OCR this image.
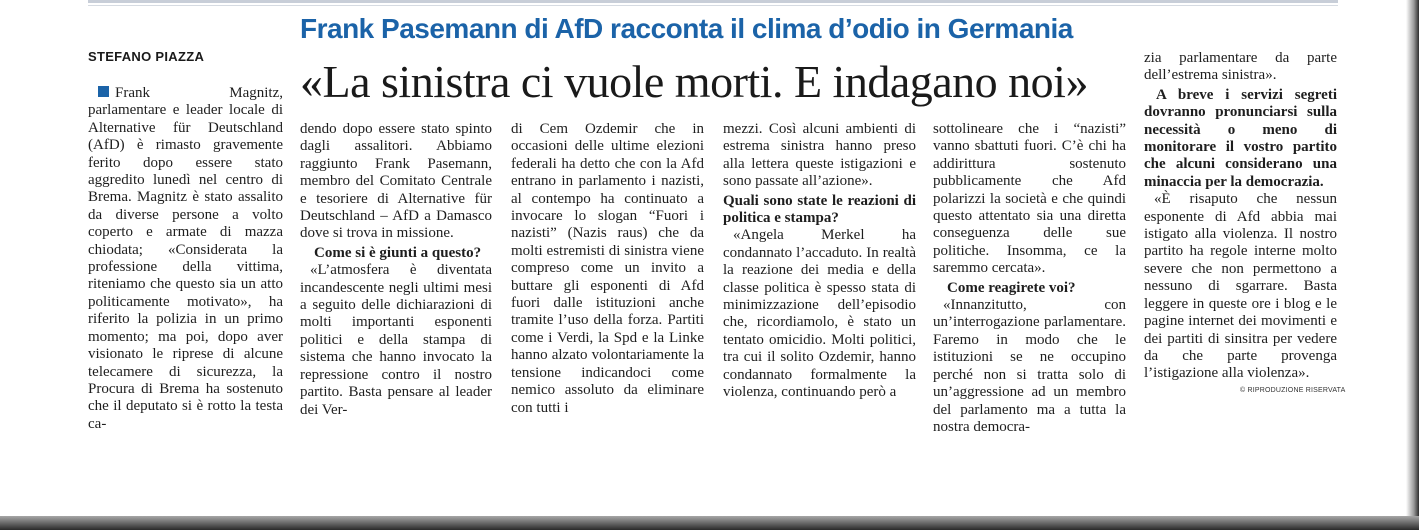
Frank Pasemann di AfD racconta il clima d’odio in Germania
«La sinistra ci vuole morti. E indagano noi»
STEFANO PIAZZA

Frank Magnitz, parlamentare e leader locale di Alternative für Deutschland (AfD) è rimasto gravemente ferito dopo essere stato aggredito lunedì nel centro di Brema. Magnitz è stato assalito da diverse persone a volto coperto e armate di mazza chiodata; «Considerata la professione della vittima, riteniamo che questo sia un atto politicamente motivato», ha riferito la polizia in un primo momento; ma poi, dopo aver visionato le riprese di alcune telecamere di sicurezza, la Procura di Brema ha sostenuto che il deputato si è rotto la testa ca-

dendo dopo essere stato spinto dagli assalitori. Abbiamo raggiunto Frank Pasemann, membro del Comitato Centrale e tesoriere di Alternative für Deutschland – AfD a Damasco dove si trova in missione.

Come si è giunti a questo?

«L’atmosfera è diventata incandescente negli ultimi mesi a seguito delle dichiarazioni di molti importanti esponenti politici e della stampa di sistema che hanno invocato la repressione contro il nostro partito. Basta pensare al leader dei Ver-

di Cem Ozdemir che in occasioni delle ultime elezioni federali ha detto che con la Afd entrano in parlamento i nazisti, al contempo ha continuato a invocare lo slogan “Fuori i nazisti” (Nazis raus) che da molti estremisti di sinistra viene compreso come un invito a buttare gli esponenti di Afd fuori dalle istituzioni anche tramite l’uso della forza. Partiti come i Verdi, la Spd e la Linke hanno alzato volontariamente la tensione indicandoci come nemico assoluto da eliminare con tutti i

mezzi. Così alcuni ambienti di estrema sinistra hanno preso alla lettera queste istigazioni e sono passate all’azione».

Quali sono state le reazioni di politica e stampa?

«Angela Merkel ha condannato l’accaduto. In realtà la reazione dei media e della classe politica è spesso stata di minimizzazione dell’episodio che, ricordiamolo, è stato un tentato omicidio. Molti politici, tra cui il solito Ozdemir, hanno condannato formalmente la violenza, continuando però a

sottolineare che i “nazisti” vanno sbattuti fuori. C’è chi ha addirittura sostenuto pubblicamente che Afd polarizzi la società e che quindi questo attentato sia una diretta conseguenza delle sue politiche. Insomma, ce la saremmo cercata».

Come reagirete voi?

«Innanzitutto, con un’interrogazione parlamentare. Faremo in modo che le istituzioni se ne occupino perché non si tratta solo di un’aggressione ad un membro del parlamento ma a tutta la nostra democra-

zia parlamentare da parte dell’estrema sinistra».

A breve i servizi segreti dovranno pronunciarsi sulla necessità o meno di monitorare il vostro partito che alcuni considerano una minaccia per la democrazia.

«È risaputo che nessun esponente di Afd abbia mai istigato alla violenza. Il nostro partito ha regole interne molto severe che non permettono a nessuno di sgarrare. Basta leggere in queste ore i blog e le pagine internet dei movimenti e dei partiti di sinsitra per vedere da che parte provenga l’istigazione alla violenza».

© RIPRODUZIONE RISERVATA
